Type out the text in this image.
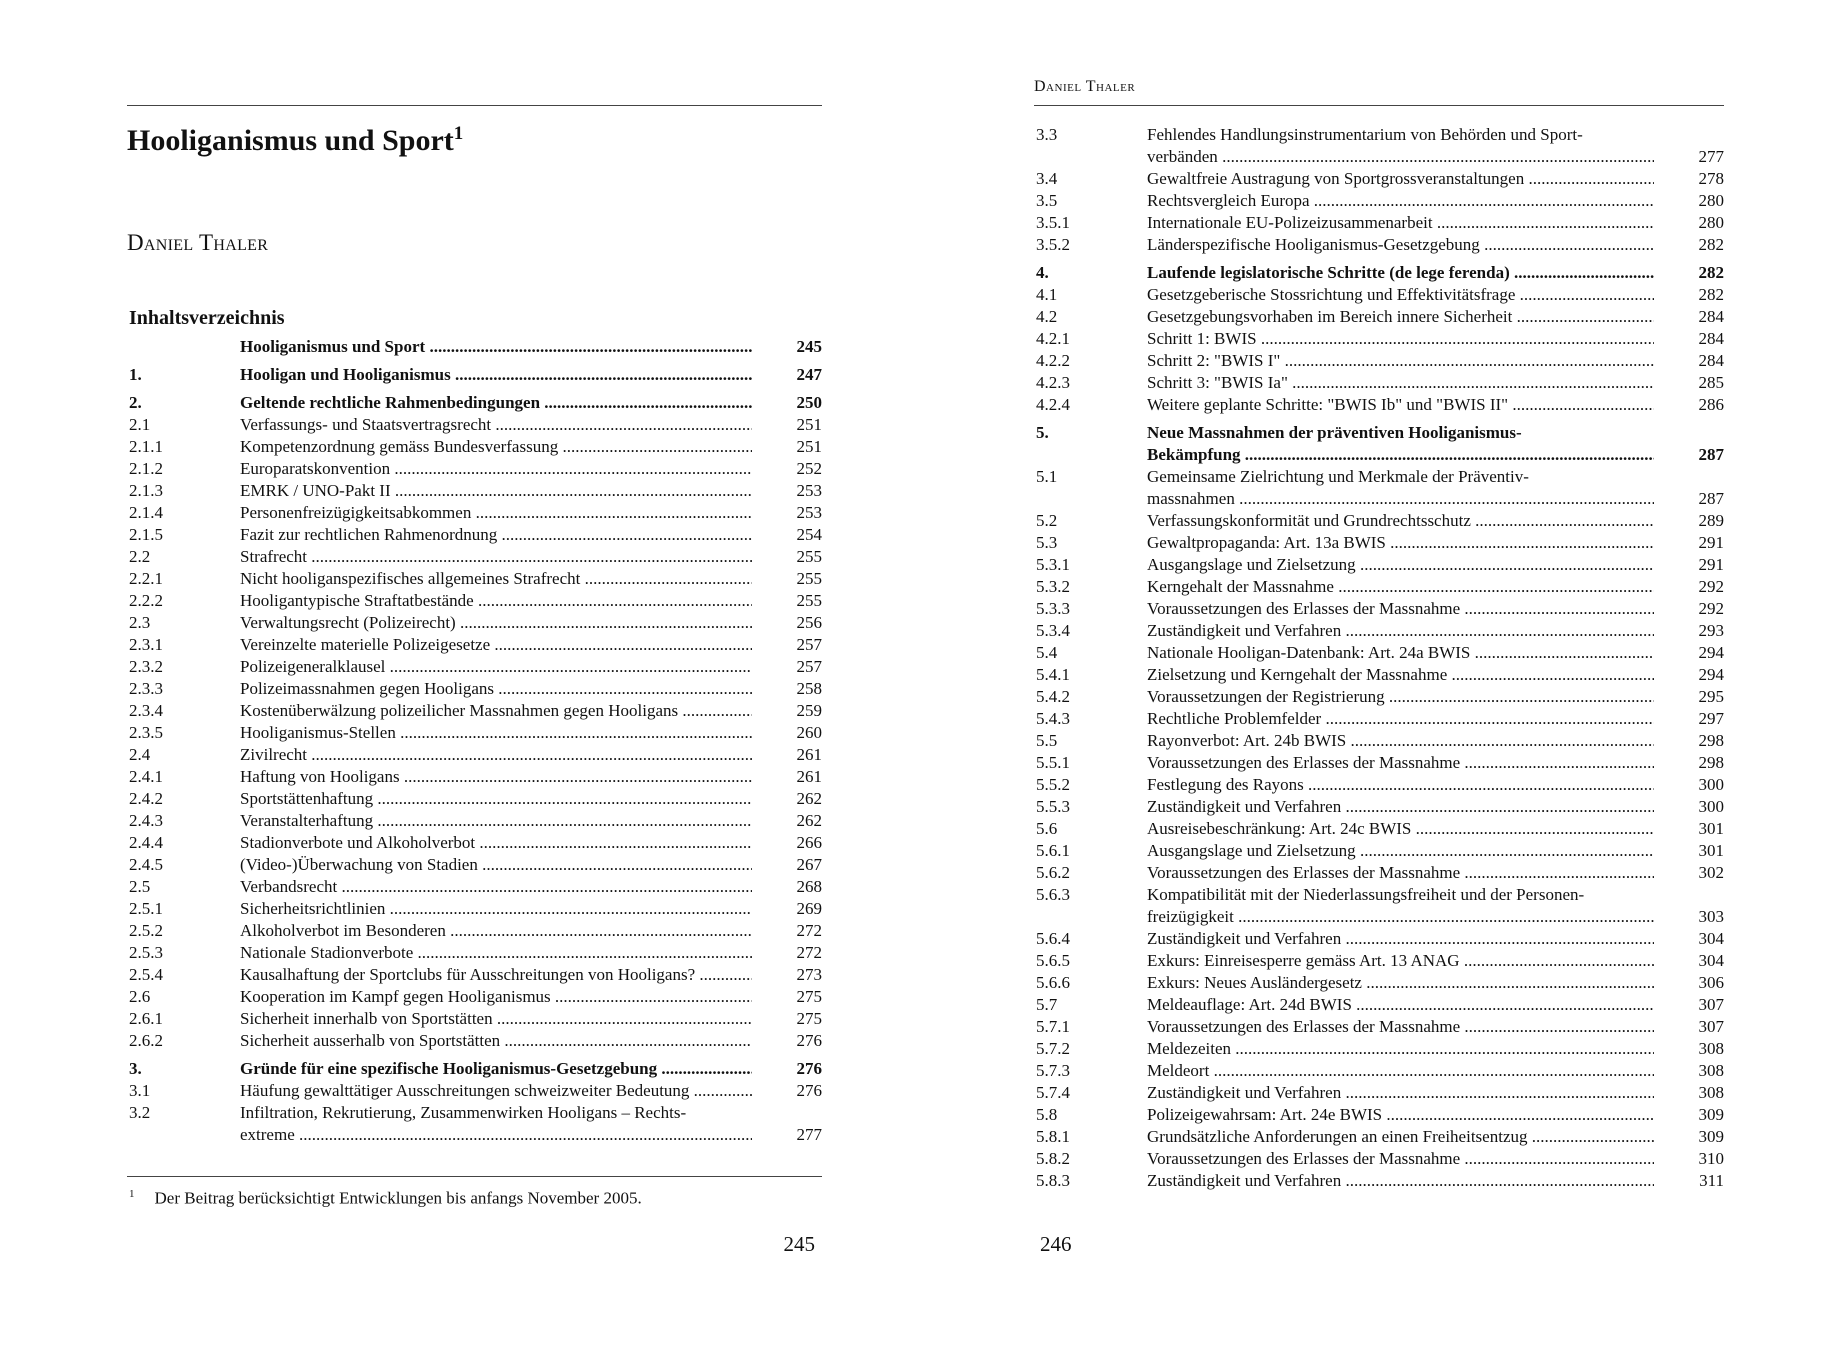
Hooliganismus und Sport$^1$
Daniel Thaler
Inhaltsverzeichnis
Hooliganismus und Sport .....	245
1.	Hooligan und Hooliganismus .....	247
2.	Geltende rechtliche Rahmenbedingungen .....	250
2.1	Verfassungs- und Staatsvertragsrecht .....	251
2.1.1	Kompetenzordnung gemäss Bundesverfassung .....	251
2.1.2	Europaratskonvention .....	252
2.1.3	EMRK / UNO-Pakt II .....	253
2.1.4	Personenfreizügigkeitsabkommen .....	253
2.1.5	Fazit zur rechtlichen Rahmenordnung .....	254
2.2	Strafrecht .....	255
2.2.1	Nicht hooliganspezifisches allgemeines Strafrecht .....	255
2.2.2	Hooligantypische Straftatbestände .....	255
2.3	Verwaltungsrecht (Polizeirecht) .....	256
2.3.1	Vereinzelte materielle Polizeigesetze .....	257
2.3.2	Polizeigeneralklausel .....	257
2.3.3	Polizeimassnahmen gegen Hooligans .....	258
2.3.4	Kostenüberwälzung polizeilicher Massnahmen gegen Hooligans .....	259
2.3.5	Hooliganismus-Stellen .....	260
2.4	Zivilrecht .....	261
2.4.1	Haftung von Hooligans .....	261
2.4.2	Sportstättenhaftung .....	262
2.4.3	Veranstalterhaftung .....	262
2.4.4	Stadionverbote und Alkoholverbot .....	266
2.4.5	(Video-)Überwachung von Stadien .....	267
2.5	Verbandsrecht .....	268
2.5.1	Sicherheitsrichtlinien .....	269
2.5.2	Alkoholverbot im Besonderen .....	272
2.5.3	Nationale Stadionverbote .....	272
2.5.4	Kausalhaftung der Sportclubs für Ausschreitungen von Hooligans? .....	273
2.6	Kooperation im Kampf gegen Hooliganismus .....	275
2.6.1	Sicherheit innerhalb von Sportstätten .....	275
2.6.2	Sicherheit ausserhalb von Sportstätten .....	276
3.	Gründe für eine spezifische Hooliganismus-Gesetzgebung .....	276
3.1	Häufung gewalttätiger Ausschreitungen schweizweiter Bedeutung .....	276
3.2	Infiltration, Rekrutierung, Zusammenwirken Hooligans – Rechts-
extreme .....	277
$^1$ Der Beitrag berücksichtigt Entwicklungen bis anfangs November 2005.
245
Daniel Thaler
3.3	Fehlendes Handlungsinstrumentarium von Behörden und Sport-
verbänden .....	277
3.4	Gewaltfreie Austragung von Sportgrossveranstaltungen .....	278
3.5	Rechtsvergleich Europa .....	280
3.5.1	Internationale EU-Polizeizusammenarbeit .....	280
3.5.2	Länderspezifische Hooliganismus-Gesetzgebung .....	282
4.	Laufende legislatorische Schritte (de lege ferenda) .....	282
4.1	Gesetzgeberische Stossrichtung und Effektivitätsfrage .....	282
4.2	Gesetzgebungsvorhaben im Bereich innere Sicherheit .....	284
4.2.1	Schritt 1: BWIS .....	284
4.2.2	Schritt 2: "BWIS I" .....	284
4.2.3	Schritt 3: "BWIS Ia" .....	285
4.2.4	Weitere geplante Schritte: "BWIS Ib" und "BWIS II" .....	286
5.	Neue Massnahmen der präventiven Hooliganismus-
Bekämpfung .....	287
5.1	Gemeinsame Zielrichtung und Merkmale der Präventiv-
massnahmen .....	287
5.2	Verfassungskonformität und Grundrechtsschutz .....	289
5.3	Gewaltpropaganda: Art. 13a BWIS .....	291
5.3.1	Ausgangslage und Zielsetzung .....	291
5.3.2	Kerngehalt der Massnahme .....	292
5.3.3	Voraussetzungen des Erlasses der Massnahme .....	292
5.3.4	Zuständigkeit und Verfahren .....	293
5.4	Nationale Hooligan-Datenbank: Art. 24a BWIS .....	294
5.4.1	Zielsetzung und Kerngehalt der Massnahme .....	294
5.4.2	Voraussetzungen der Registrierung .....	295
5.4.3	Rechtliche Problemfelder .....	297
5.5	Rayonverbot: Art. 24b BWIS .....	298
5.5.1	Voraussetzungen des Erlasses der Massnahme .....	298
5.5.2	Festlegung des Rayons .....	300
5.5.3	Zuständigkeit und Verfahren .....	300
5.6	Ausreisebeschränkung: Art. 24c BWIS .....	301
5.6.1	Ausgangslage und Zielsetzung .....	301
5.6.2	Voraussetzungen des Erlasses der Massnahme .....	302
5.6.3	Kompatibilität mit der Niederlassungsfreiheit und der Personen-
freizügigkeit .....	303
5.6.4	Zuständigkeit und Verfahren .....	304
5.6.5	Exkurs: Einreisesperre gemäss Art. 13 ANAG .....	304
5.6.6	Exkurs: Neues Ausländergesetz .....	306
5.7	Meldeauflage: Art. 24d BWIS .....	307
5.7.1	Voraussetzungen des Erlasses der Massnahme .....	307
5.7.2	Meldezeiten .....	308
5.7.3	Meldeort .....	308
5.7.4	Zuständigkeit und Verfahren .....	308
5.8	Polizeigewahrsam: Art. 24e BWIS .....	309
5.8.1	Grundsätzliche Anforderungen an einen Freiheitsentzug .....	309
5.8.2	Voraussetzungen des Erlasses der Massnahme .....	310
5.8.3	Zuständigkeit und Verfahren .....	311
246
